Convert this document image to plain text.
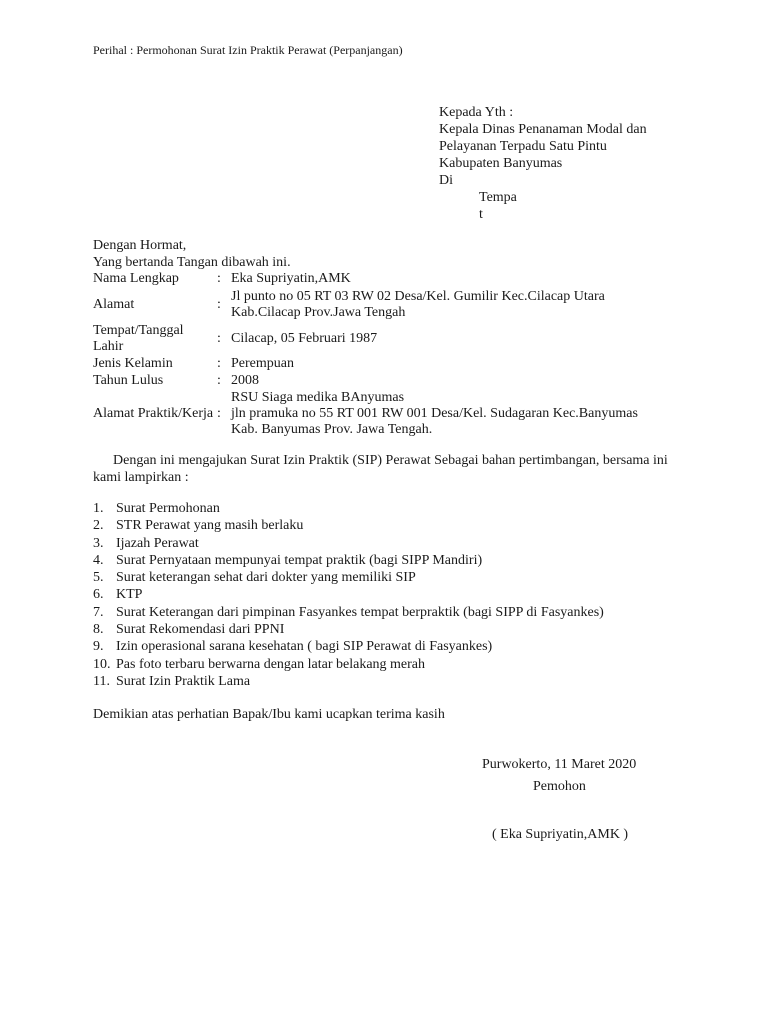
Perihal : Permohonan Surat Izin Praktik Perawat (Perpanjangan)
Kepada Yth :
Kepala Dinas Penanaman Modal dan
Pelayanan Terpadu Satu Pintu
Kabupaten Banyumas
Di
Tempa
t
Dengan Hormat,
Yang bertanda Tangan dibawah ini.
Nama Lengkap	:	Eka Supriyatin,AMK
Alamat	:	Jl punto no 05 RT 03 RW 02 Desa/Kel. Gumilir Kec.Cilacap Utara
Kab.Cilacap Prov.Jawa Tengah

Tempat/Tanggal Lahir	:	Cilacap, 05 Februari 1987
Jenis Kelamin	:	Perempuan
Tahun Lulus	:	2008
Alamat Praktik/Kerja	:	RSU Siaga medika BAnyumas
jln pramuka no 55 RT 001 RW 001 Desa/Kel. Sudagaran Kec.Banyumas
Kab. Banyumas Prov. Jawa Tengah.
Dengan ini mengajukan Surat Izin Praktik (SIP) Perawat Sebagai bahan pertimbangan, bersama ini kami lampirkan :
1. Surat Permohonan
2. STR Perawat yang masih berlaku
3. Ijazah Perawat
4. Surat Pernyataan mempunyai tempat praktik (bagi SIPP Mandiri)
5. Surat keterangan sehat dari dokter yang memiliki SIP
6. KTP
7. Surat Keterangan dari pimpinan Fasyankes tempat berpraktik (bagi SIPP di Fasyankes)
8. Surat Rekomendasi dari PPNI
9. Izin operasional sarana kesehatan ( bagi SIP Perawat di Fasyankes)
10. Pas foto terbaru berwarna dengan latar belakang merah
11. Surat Izin Praktik Lama
Demikian atas perhatian Bapak/Ibu kami ucapkan terima kasih
Purwokerto, 11 Maret 2020
Pemohon
( Eka Supriyatin,AMK )
